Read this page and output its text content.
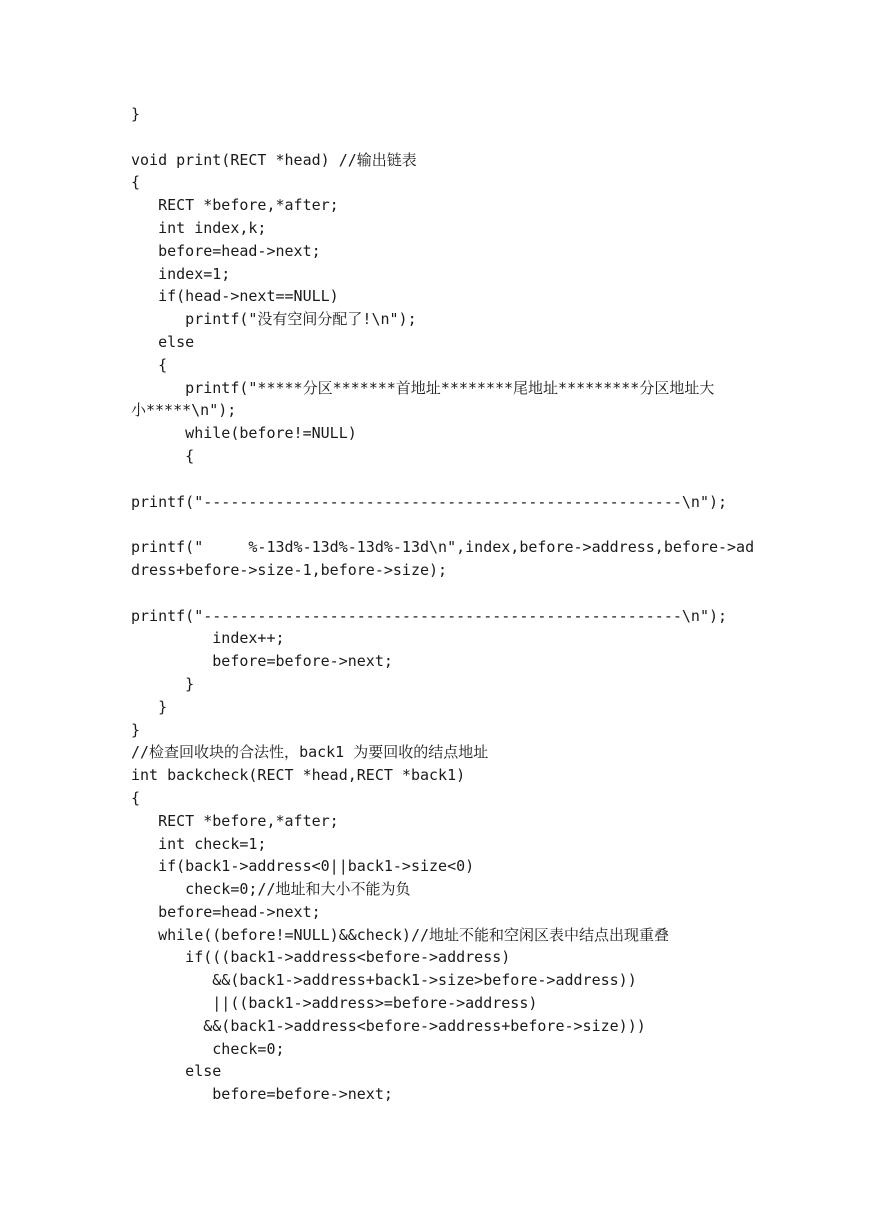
}
void print(RECT *head) //输出链表
{
RECT *before,*after;
int index,k;
before=head->next;
index=1;
if(head->next==NULL)
printf("没有空间分配了!\n");
else
{
printf("*****分区*******首地址********尾地址*********分区地址大
小*****\n");
while(before!=NULL)
{
printf("-----------------------------------------------------\n");
printf("     %-13d%-13d%-13d%-13d\n",index,before->address,before->ad
dress+before->size-1,before->size);
printf("-----------------------------------------------------\n");
index++;
before=before->next;
}
}
}
//检查回收块的合法性，back1 为要回收的结点地址
int backcheck(RECT *head,RECT *back1)
{
RECT *before,*after;
int check=1;
if(back1->address<0||back1->size<0)
check=0;//地址和大小不能为负
before=head->next;
while((before!=NULL)&&check)//地址不能和空闲区表中结点出现重叠
if(((back1->address<before->address)
&&(back1->address+back1->size>before->address))
||((back1->address>=before->address)
&&(back1->address<before->address+before->size)))
check=0;
else
before=before->next;
